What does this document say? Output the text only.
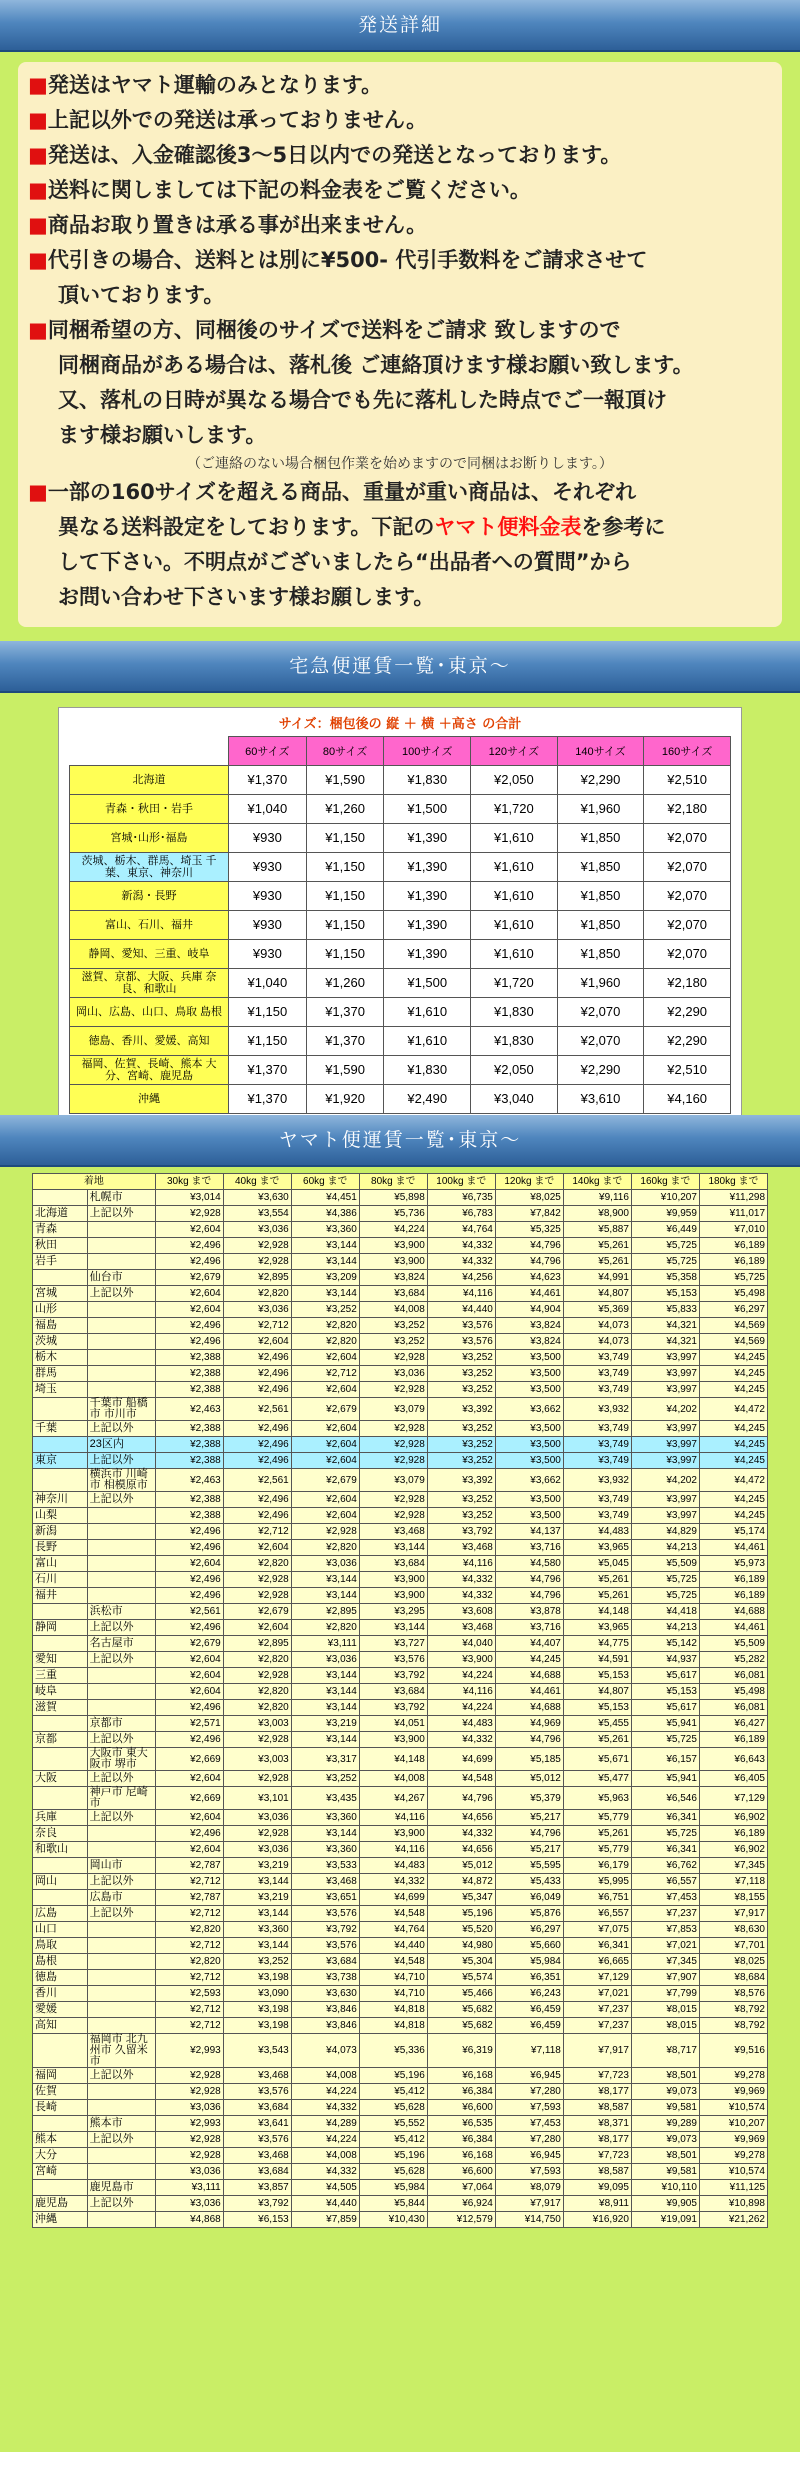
発送詳細
■発送はヤマト運輸のみとなります。
■上記以外での発送は承っておりません。
■発送は、入金確認後3～5日以内での発送となっております。
■送料に関しましては下記の料金表をご覧ください。
■商品お取り置きは承る事が出来ません。
■代引きの場合、送料とは別に¥500- 代引手数料をご請求させて
頂いております。
■同梱希望の方、同梱後のサイズで送料をご請求 致しますので
同梱商品がある場合は、落札後 ご連絡頂けます様お願い致します。
又、落札の日時が異なる場合でも先に落札した時点でご一報頂け
ます様お願いします。
（ご連絡のない場合梱包作業を始めますので同梱はお断りします。）
■一部の160サイズを超える商品、重量が重い商品は、それぞれ
異なる送料設定をしております。下記のヤマト便料金表を参考に
して下さい。不明点がございましたら“出品者への質問”から
お問い合わせ下さいます様お願します。
宅急便運賃一覧･東京～
サイズ：梱包後の 縦 ＋ 横 ＋高さ の合計
	60サイズ	80サイズ	100サイズ	120サイズ	140サイズ	160サイズ
北海道	¥1,370	¥1,590	¥1,830	¥2,050	¥2,290	¥2,510
青森・秋田・岩手	¥1,040	¥1,260	¥1,500	¥1,720	¥1,960	¥2,180
宮城･山形･福島	¥930	¥1,150	¥1,390	¥1,610	¥1,850	¥2,070
茨城、栃木、群馬、埼玉 千葉、東京、神奈川	¥930	¥1,150	¥1,390	¥1,610	¥1,850	¥2,070
新潟・長野	¥930	¥1,150	¥1,390	¥1,610	¥1,850	¥2,070
富山、石川、福井	¥930	¥1,150	¥1,390	¥1,610	¥1,850	¥2,070
静岡、愛知、三重、岐阜	¥930	¥1,150	¥1,390	¥1,610	¥1,850	¥2,070
滋賀、京都、大阪、兵庫 奈良、和歌山	¥1,040	¥1,260	¥1,500	¥1,720	¥1,960	¥2,180
岡山、広島、山口、鳥取 島根	¥1,150	¥1,370	¥1,610	¥1,830	¥2,070	¥2,290
徳島、香川、愛媛、高知	¥1,150	¥1,370	¥1,610	¥1,830	¥2,070	¥2,290
福岡、佐賀、長崎、熊本 大分、宮崎、鹿児島	¥1,370	¥1,590	¥1,830	¥2,050	¥2,290	¥2,510
沖縄	¥1,370	¥1,920	¥2,490	¥3,040	¥3,610	¥4,160
ヤマト便運賃一覧･東京～
着地		30kg まで	40kg まで	60kg まで	80kg まで	100kg まで	120kg まで	140kg まで	160kg まで	180kg まで
	札幌市	¥3,014	¥3,630	¥4,451	¥5,898	¥6,735	¥8,025	¥9,116	¥10,207	¥11,298
北海道	上記以外	¥2,928	¥3,554	¥4,386	¥5,736	¥6,783	¥7,842	¥8,900	¥9,959	¥11,017
青森		¥2,604	¥3,036	¥3,360	¥4,224	¥4,764	¥5,325	¥5,887	¥6,449	¥7,010
秋田		¥2,496	¥2,928	¥3,144	¥3,900	¥4,332	¥4,796	¥5,261	¥5,725	¥6,189
岩手		¥2,496	¥2,928	¥3,144	¥3,900	¥4,332	¥4,796	¥5,261	¥5,725	¥6,189
	仙台市	¥2,679	¥2,895	¥3,209	¥3,824	¥4,256	¥4,623	¥4,991	¥5,358	¥5,725
宮城	上記以外	¥2,604	¥2,820	¥3,144	¥3,684	¥4,116	¥4,461	¥4,807	¥5,153	¥5,498
山形		¥2,604	¥3,036	¥3,252	¥4,008	¥4,440	¥4,904	¥5,369	¥5,833	¥6,297
福島		¥2,496	¥2,712	¥2,820	¥3,252	¥3,576	¥3,824	¥4,073	¥4,321	¥4,569
茨城		¥2,496	¥2,604	¥2,820	¥3,252	¥3,576	¥3,824	¥4,073	¥4,321	¥4,569
栃木		¥2,388	¥2,496	¥2,604	¥2,928	¥3,252	¥3,500	¥3,749	¥3,997	¥4,245
群馬		¥2,388	¥2,496	¥2,712	¥3,036	¥3,252	¥3,500	¥3,749	¥3,997	¥4,245
埼玉		¥2,388	¥2,496	¥2,604	¥2,928	¥3,252	¥3,500	¥3,749	¥3,997	¥4,245
	千葉市 船橋市 市川市	¥2,463	¥2,561	¥2,679	¥3,079	¥3,392	¥3,662	¥3,932	¥4,202	¥4,472
千葉	上記以外	¥2,388	¥2,496	¥2,604	¥2,928	¥3,252	¥3,500	¥3,749	¥3,997	¥4,245
	23区内	¥2,388	¥2,496	¥2,604	¥2,928	¥3,252	¥3,500	¥3,749	¥3,997	¥4,245
東京	上記以外	¥2,388	¥2,496	¥2,604	¥2,928	¥3,252	¥3,500	¥3,749	¥3,997	¥4,245
	横浜市 川崎市 相模原市	¥2,463	¥2,561	¥2,679	¥3,079	¥3,392	¥3,662	¥3,932	¥4,202	¥4,472
神奈川	上記以外	¥2,388	¥2,496	¥2,604	¥2,928	¥3,252	¥3,500	¥3,749	¥3,997	¥4,245
山梨		¥2,388	¥2,496	¥2,604	¥2,928	¥3,252	¥3,500	¥3,749	¥3,997	¥4,245
新潟		¥2,496	¥2,712	¥2,928	¥3,468	¥3,792	¥4,137	¥4,483	¥4,829	¥5,174
長野		¥2,496	¥2,604	¥2,820	¥3,144	¥3,468	¥3,716	¥3,965	¥4,213	¥4,461
富山		¥2,604	¥2,820	¥3,036	¥3,684	¥4,116	¥4,580	¥5,045	¥5,509	¥5,973
石川		¥2,496	¥2,928	¥3,144	¥3,900	¥4,332	¥4,796	¥5,261	¥5,725	¥6,189
福井		¥2,496	¥2,928	¥3,144	¥3,900	¥4,332	¥4,796	¥5,261	¥5,725	¥6,189
	浜松市	¥2,561	¥2,679	¥2,895	¥3,295	¥3,608	¥3,878	¥4,148	¥4,418	¥4,688
静岡	上記以外	¥2,496	¥2,604	¥2,820	¥3,144	¥3,468	¥3,716	¥3,965	¥4,213	¥4,461
	名古屋市	¥2,679	¥2,895	¥3,111	¥3,727	¥4,040	¥4,407	¥4,775	¥5,142	¥5,509
愛知	上記以外	¥2,604	¥2,820	¥3,036	¥3,576	¥3,900	¥4,245	¥4,591	¥4,937	¥5,282
三重		¥2,604	¥2,928	¥3,144	¥3,792	¥4,224	¥4,688	¥5,153	¥5,617	¥6,081
岐阜		¥2,604	¥2,820	¥3,144	¥3,684	¥4,116	¥4,461	¥4,807	¥5,153	¥5,498
滋賀		¥2,496	¥2,820	¥3,144	¥3,792	¥4,224	¥4,688	¥5,153	¥5,617	¥6,081
	京都市	¥2,571	¥3,003	¥3,219	¥4,051	¥4,483	¥4,969	¥5,455	¥5,941	¥6,427
京都	上記以外	¥2,496	¥2,928	¥3,144	¥3,900	¥4,332	¥4,796	¥5,261	¥5,725	¥6,189
	大阪市 東大阪市 堺市	¥2,669	¥3,003	¥3,317	¥4,148	¥4,699	¥5,185	¥5,671	¥6,157	¥6,643
大阪	上記以外	¥2,604	¥2,928	¥3,252	¥4,008	¥4,548	¥5,012	¥5,477	¥5,941	¥6,405
	神戸市 尼崎市	¥2,669	¥3,101	¥3,435	¥4,267	¥4,796	¥5,379	¥5,963	¥6,546	¥7,129
兵庫	上記以外	¥2,604	¥3,036	¥3,360	¥4,116	¥4,656	¥5,217	¥5,779	¥6,341	¥6,902
奈良		¥2,496	¥2,928	¥3,144	¥3,900	¥4,332	¥4,796	¥5,261	¥5,725	¥6,189
和歌山		¥2,604	¥3,036	¥3,360	¥4,116	¥4,656	¥5,217	¥5,779	¥6,341	¥6,902
	岡山市	¥2,787	¥3,219	¥3,533	¥4,483	¥5,012	¥5,595	¥6,179	¥6,762	¥7,345
岡山	上記以外	¥2,712	¥3,144	¥3,468	¥4,332	¥4,872	¥5,433	¥5,995	¥6,557	¥7,118
	広島市	¥2,787	¥3,219	¥3,651	¥4,699	¥5,347	¥6,049	¥6,751	¥7,453	¥8,155
広島	上記以外	¥2,712	¥3,144	¥3,576	¥4,548	¥5,196	¥5,876	¥6,557	¥7,237	¥7,917
山口		¥2,820	¥3,360	¥3,792	¥4,764	¥5,520	¥6,297	¥7,075	¥7,853	¥8,630
鳥取		¥2,712	¥3,144	¥3,576	¥4,440	¥4,980	¥5,660	¥6,341	¥7,021	¥7,701
島根		¥2,820	¥3,252	¥3,684	¥4,548	¥5,304	¥5,984	¥6,665	¥7,345	¥8,025
徳島		¥2,712	¥3,198	¥3,738	¥4,710	¥5,574	¥6,351	¥7,129	¥7,907	¥8,684
香川		¥2,593	¥3,090	¥3,630	¥4,710	¥5,466	¥6,243	¥7,021	¥7,799	¥8,576
愛媛		¥2,712	¥3,198	¥3,846	¥4,818	¥5,682	¥6,459	¥7,237	¥8,015	¥8,792
高知		¥2,712	¥3,198	¥3,846	¥4,818	¥5,682	¥6,459	¥7,237	¥8,015	¥8,792
	福岡市 北九州市 久留米市	¥2,993	¥3,543	¥4,073	¥5,336	¥6,319	¥7,118	¥7,917	¥8,717	¥9,516
福岡	上記以外	¥2,928	¥3,468	¥4,008	¥5,196	¥6,168	¥6,945	¥7,723	¥8,501	¥9,278
佐賀		¥2,928	¥3,576	¥4,224	¥5,412	¥6,384	¥7,280	¥8,177	¥9,073	¥9,969
長崎		¥3,036	¥3,684	¥4,332	¥5,628	¥6,600	¥7,593	¥8,587	¥9,581	¥10,574
	熊本市	¥2,993	¥3,641	¥4,289	¥5,552	¥6,535	¥7,453	¥8,371	¥9,289	¥10,207
熊本	上記以外	¥2,928	¥3,576	¥4,224	¥5,412	¥6,384	¥7,280	¥8,177	¥9,073	¥9,969
大分		¥2,928	¥3,468	¥4,008	¥5,196	¥6,168	¥6,945	¥7,723	¥8,501	¥9,278
宮崎		¥3,036	¥3,684	¥4,332	¥5,628	¥6,600	¥7,593	¥8,587	¥9,581	¥10,574
	鹿児島市	¥3,111	¥3,857	¥4,505	¥5,984	¥7,064	¥8,079	¥9,095	¥10,110	¥11,125
鹿児島	上記以外	¥3,036	¥3,792	¥4,440	¥5,844	¥6,924	¥7,917	¥8,911	¥9,905	¥10,898
沖縄		¥4,868	¥6,153	¥7,859	¥10,430	¥12,579	¥14,750	¥16,920	¥19,091	¥21,262
